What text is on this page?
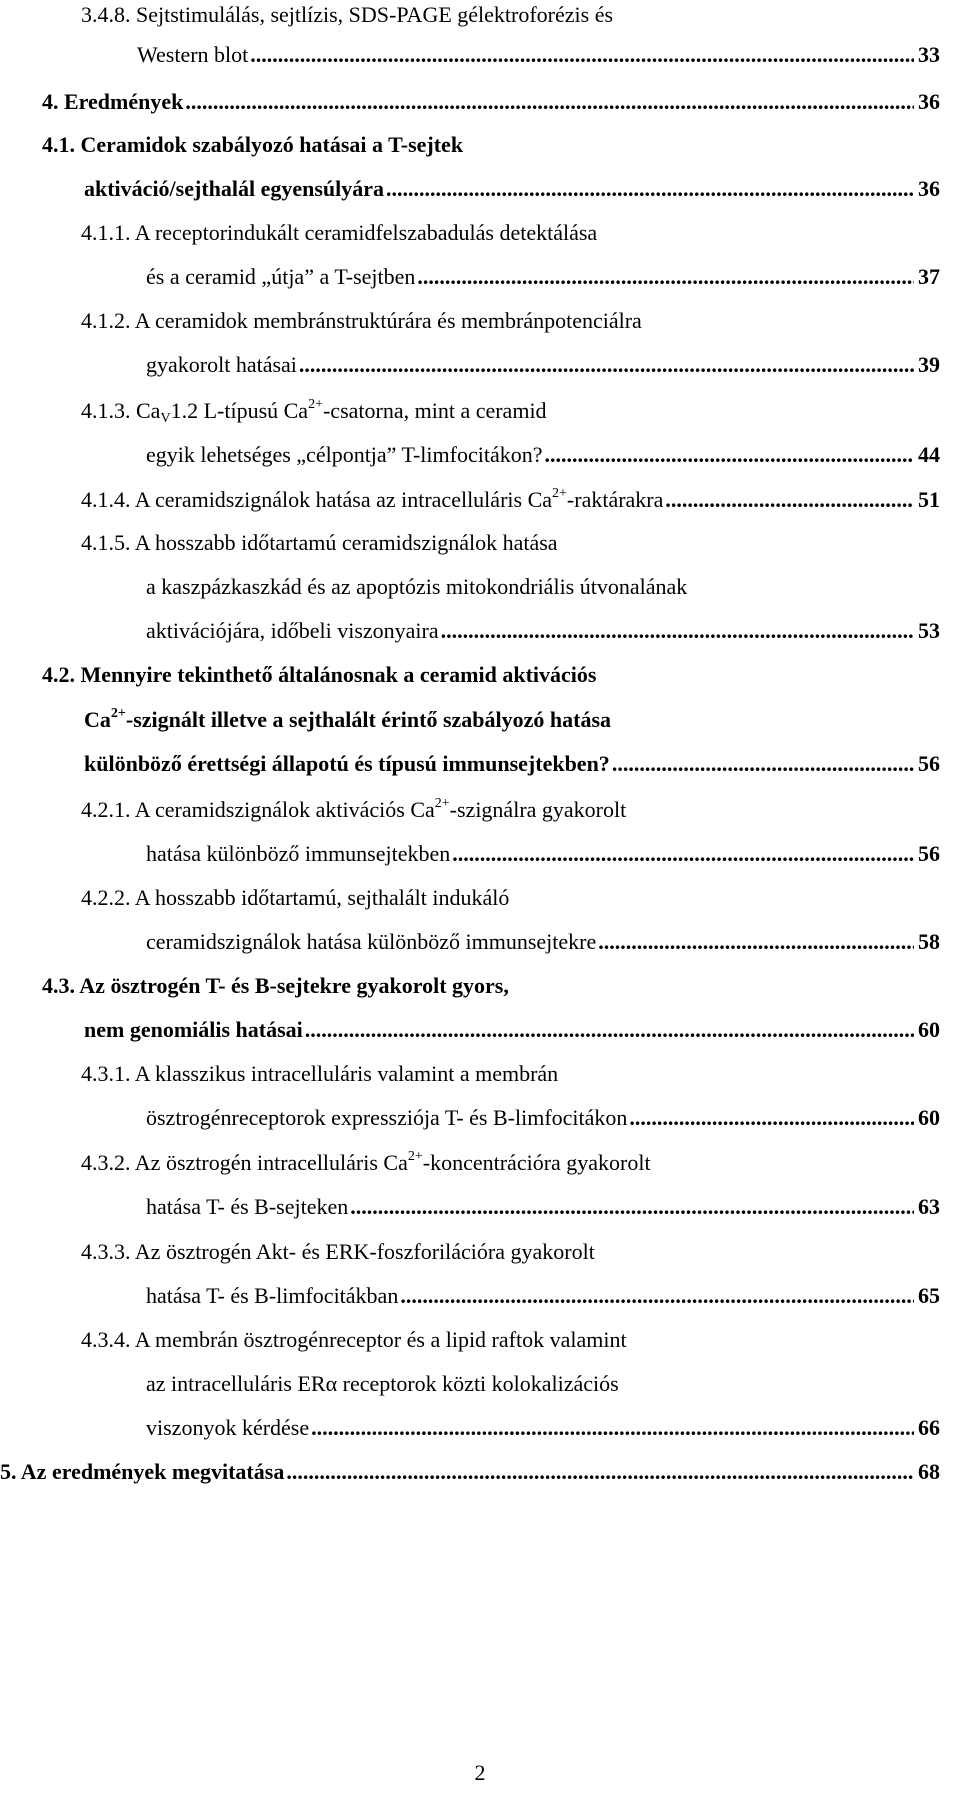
3.4.8. Sejtstimulálás, sejtlízis, SDS-PAGE gélektroforézis és
Western blot .....	33
4. Eredmények .....	36
4.1. Ceramidok szabályozó hatásai a T-sejtek
aktiváció/sejthalál egyensúlyára .....	36
4.1.1. A receptorindukált ceramidfelszabadulás detektálása
és a ceramid „útja” a T-sejtben .....	37
4.1.2. A ceramidok membránstruktúrára és membránpotenciálra
gyakorolt hatásai .....	39
4.1.3. $Ca_V1.2$ L-típusú $Ca^{2+}$-csatorna, mint a ceramid
egyik lehetséges „célpontja” T-limfocitákon? .....	44
4.1.4. A ceramidszignálok hatása az intracelluláris $Ca^{2+}$-raktárakra .....	51
4.1.5. A hosszabb időtartamú ceramidszignálok hatása
a kaszpázkaszkád és az apoptózis mitokondriális útvonalának
aktivációjára, időbeli viszonyaira .....	53
4.2. Mennyire tekinthető általánosnak a ceramid aktivációs
$Ca^{2+}$-szignált illetve a sejthalált érintő szabályozó hatása
különböző érettségi állapotú és típusú immunsejtekben? .....	56
4.2.1. A ceramidszignálok aktivációs $Ca^{2+}$-szignálra gyakorolt
hatása különböző immunsejtekben .....	56
4.2.2. A hosszabb időtartamú, sejthalált indukáló
ceramidszignálok hatása különböző immunsejtekre .....	58
4.3. Az ösztrogén T- és B-sejtekre gyakorolt gyors,
nem genomiális hatásai .....	60
4.3.1. A klasszikus intracelluláris valamint a membrán
ösztrogénreceptorok expressziója T- és B-limfocitákon .....	60
4.3.2. Az ösztrogén intracelluláris $Ca^{2+}$-koncentrációra gyakorolt
hatása T- és B-sejteken .....	63
4.3.3. Az ösztrogén Akt- és ERK-foszforilációra gyakorolt
hatása T- és B-limfocitákban .....	65
4.3.4. A membrán ösztrogénreceptor és a lipid raftok valamint
az intracelluláris ERα receptorok közti kolokalizációs
viszonyok kérdése .....	66
5. Az eredmények megvitatása .....	68
2
